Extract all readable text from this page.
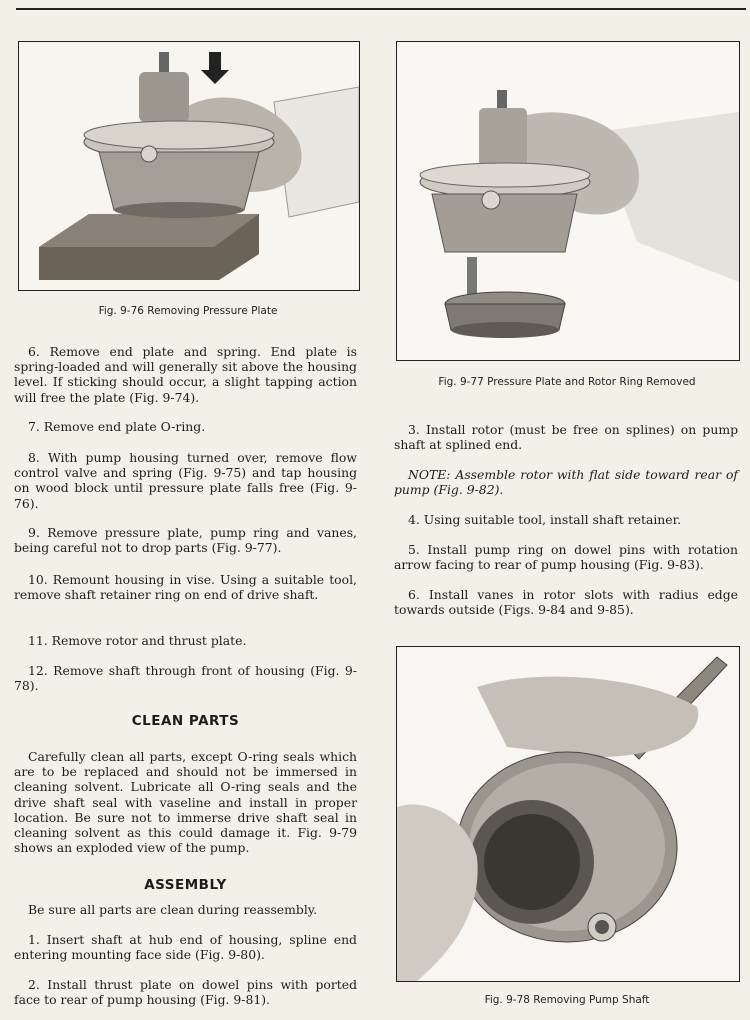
Fig. 9-76 Removing Pressure Plate
Fig. 9-77 Pressure Plate and Rotor Ring Removed

6. Remove end plate and spring. End plate is spring-loaded and will generally sit above the housing level. If sticking should occur, a slight tapping action will free the plate (Fig. 9-74).

7. Remove end plate O-ring.

8. With pump housing turned over, remove flow control valve and spring (Fig. 9-75) and tap housing on wood block until pressure plate falls free (Fig. 9-76).

9. Remove pressure plate, pump ring and vanes, being careful not to drop parts (Fig. 9-77).

10. Remount housing in vise. Using a suitable tool, remove shaft retainer ring on end of drive shaft.

11. Remove rotor and thrust plate.

12. Remove shaft through front of housing (Fig. 9-78).

CLEAN PARTS

Carefully clean all parts, except O-ring seals which are to be replaced and should not be immersed in cleaning solvent. Lubricate all O-ring seals and the drive shaft seal with vaseline and install in proper location. Be sure not to immerse drive shaft seal in cleaning solvent as this could damage it. Fig. 9-79 shows an exploded view of the pump.

ASSEMBLY

Be sure all parts are clean during reassembly.

1. Insert shaft at hub end of housing, spline end entering mounting face side (Fig. 9-80).

2. Install thrust plate on dowel pins with ported face to rear of pump housing (Fig. 9-81).

3. Install rotor (must be free on splines) on pump shaft at splined end.

NOTE: Assemble rotor with flat side toward rear of pump (Fig. 9-82).

4. Using suitable tool, install shaft retainer.

5. Install pump ring on dowel pins with rotation arrow facing to rear of pump housing (Fig. 9-83).

6. Install vanes in rotor slots with radius edge towards outside (Figs. 9-84 and 9-85).

Fig. 9-78 Removing Pump Shaft
